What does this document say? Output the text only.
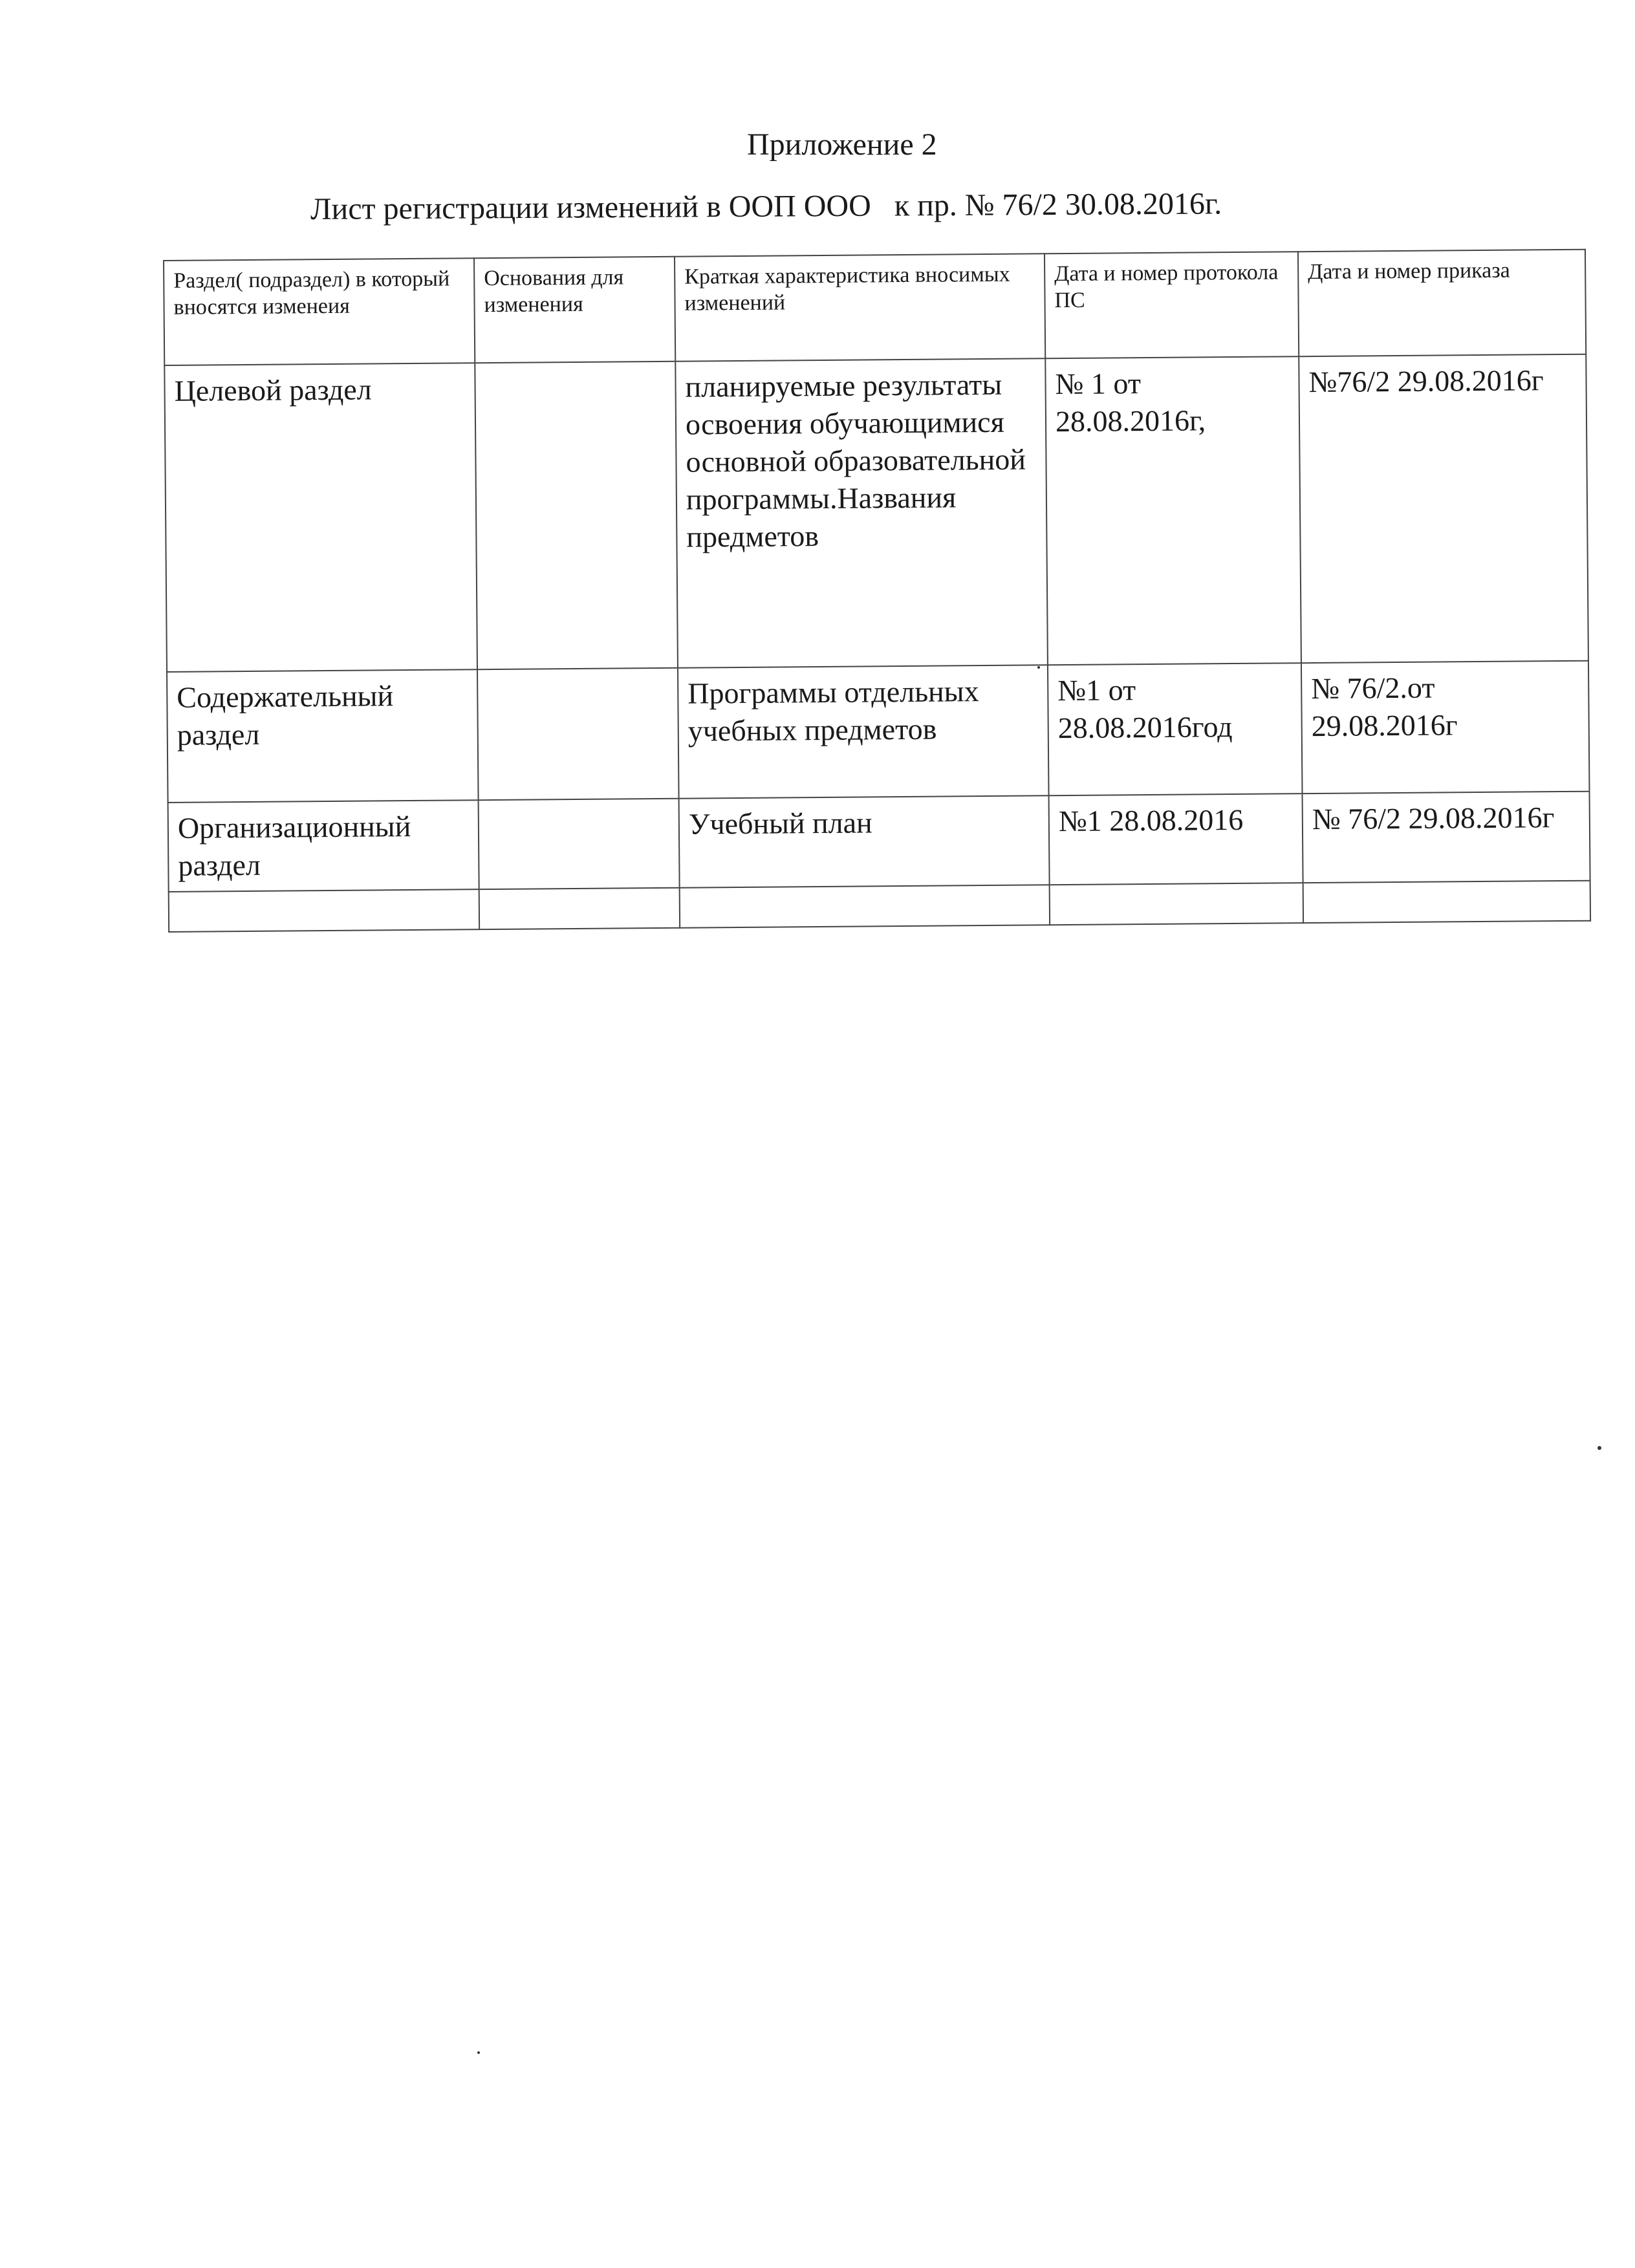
Приложение 2
Лист регистрации изменений в ООП ООО к пр. № 76/2 30.08.2016г.
Раздел( подраздел) в который вносятся изменеия	Основания для изменения	Краткая характеристика вносимых изменений	Дата и номер протокола ПС	Дата и номер приказа
Целевой раздел		планируемые результаты освоения обучающимися основной образовательной программы.Названия предметов	№ 1 от 28.08.2016г,	№76/2 29.08.2016г
Содержательный раздел		Программы отдельных учебных предметов	№1 от 28.08.2016год	№ 76/2.от 29.08.2016г
Организационный раздел		Учебный план	№1 28.08.2016	№ 76/2 29.08.2016г
